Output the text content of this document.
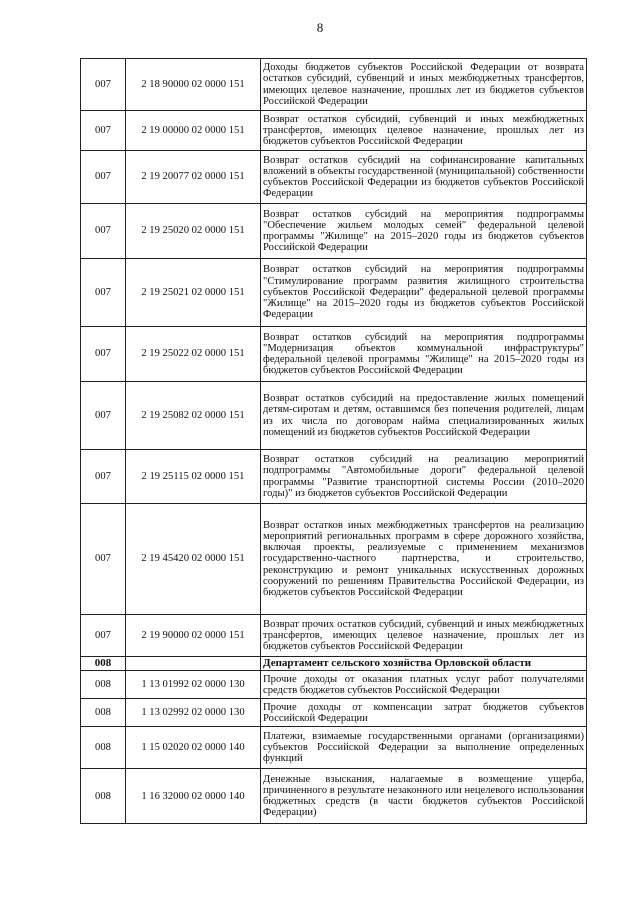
8
007	2 18 90000 02 0000 151	Доходы бюджетов субъектов Российской Федерации от возврата остатков субсидий, субвенций и иных межбюджетных трансфертов, имеющих целевое назначение, прошлых лет из бюджетов субъектов Российской Федерации
007	2 19 00000 02 0000 151	Возврат остатков субсидий, субвенций и иных межбюджетных трансфертов, имеющих целевое назначение, прошлых лет из бюджетов субъектов Российской Федерации
007	2 19 20077 02 0000 151	Возврат остатков субсидий на софинансирование капитальных вложений в объекты государственной (муниципальной) собственности субъектов Российской Федерации из бюджетов субъектов Российской Федерации
007	2 19 25020 02 0000 151	Возврат остатков субсидий на мероприятия подпрограммы "Обеспечение жильем молодых семей" федеральной целевой программы "Жилище" на 2015–2020 годы из бюджетов субъектов Российской Федерации
007	2 19 25021 02 0000 151	Возврат остатков субсидий на мероприятия подпрограммы "Стимулирование программ развития жилищного строительства субъектов Российской Федерации" федеральной целевой программы "Жилище" на 2015–2020 годы из бюджетов субъектов Российской Федерации
007	2 19 25022 02 0000 151	Возврат остатков субсидий на мероприятия подпрограммы "Модернизация объектов коммунальной инфраструктуры" федеральной целевой программы "Жилище" на 2015–2020 годы из бюджетов субъектов Российской Федерации
007	2 19 25082 02 0000 151	Возврат остатков субсидий на предоставление жилых помещений детям-сиротам и детям, оставшимся без попечения родителей, лицам из их числа по договорам найма специализированных жилых помещений из бюджетов субъектов Российской Федерации
007	2 19 25115 02 0000 151	Возврат остатков субсидий на реализацию мероприятий подпрограммы "Автомобильные дороги" федеральной целевой программы "Развитие транспортной системы России (2010–2020 годы)" из бюджетов субъектов Российской Федерации
007	2 19 45420 02 0000 151	Возврат остатков иных межбюджетных трансфертов на реализацию мероприятий региональных программ в сфере дорожного хозяйства, включая проекты, реализуемые с применением механизмов государственно-частного партнерства, и строительство, реконструкцию и ремонт уникальных искусственных дорожных сооружений по решениям Правительства Российской Федерации, из бюджетов субъектов Российской Федерации
007	2 19 90000 02 0000 151	Возврат прочих остатков субсидий, субвенций и иных межбюджетных трансфертов, имеющих целевое назначение, прошлых лет из бюджетов субъектов Российской Федерации
008		Департамент сельского хозяйства Орловской области
008	1 13 01992 02 0000 130	Прочие доходы от оказания платных услуг работ получателями средств бюджетов субъектов Российской Федерации
008	1 13 02992 02 0000 130	Прочие доходы от компенсации затрат бюджетов субъектов Российской Федерации
008	1 15 02020 02 0000 140	Платежи, взимаемые государственными органами (организациями) субъектов Российской Федерации за выполнение определенных функций
008	1 16 32000 02 0000 140	Денежные взыскания, налагаемые в возмещение ущерба, причиненного в результате незаконного или нецелевого использования бюджетных средств (в части бюджетов субъектов Российской Федерации)
